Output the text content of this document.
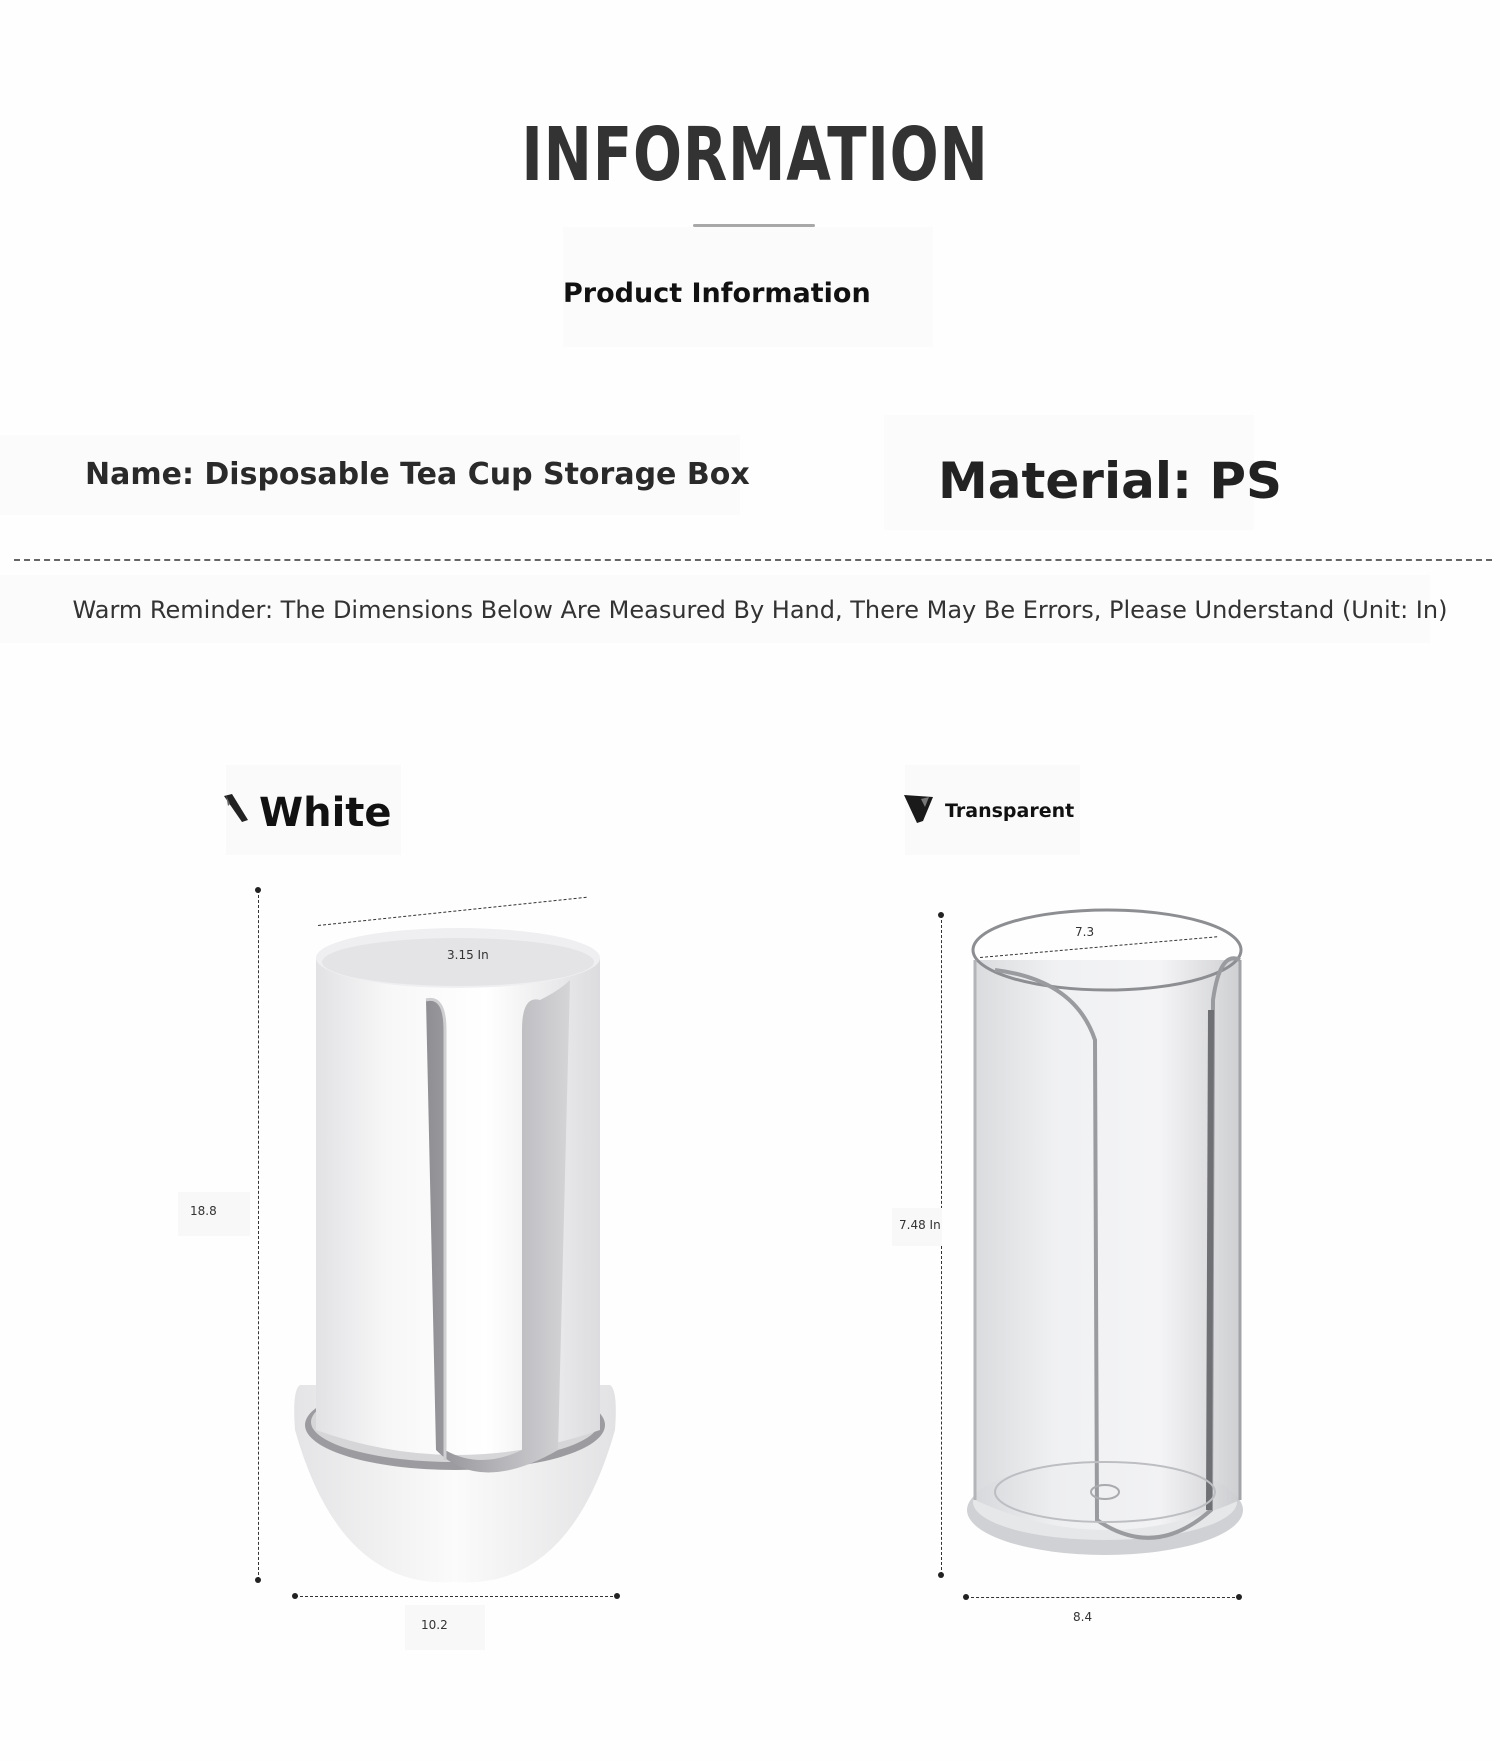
INFORMATION
Product Information
Name: Disposable Tea Cup Storage Box	Material: PS
Warm Reminder: The Dimensions Below Are Measured By Hand, There May Be Errors, Please Understand (Unit: In)
White	Transparent
18.8
3.15 In
10.2
7.48 In
7.3
8.4
